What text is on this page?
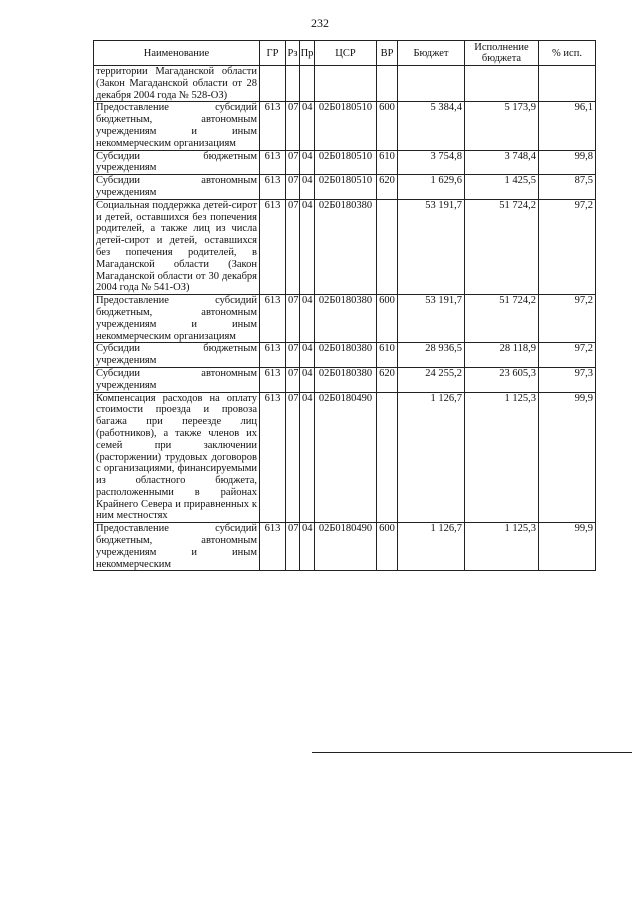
232
Наименование	ГР	Рз	Пр	ЦСР	ВР	Бюджет	Исполнение бюджета	% исп.
территории Магаданской области (Закон Магаданской области от 28 декабря 2004 года № 528-ОЗ)								
Предоставление субсидий бюджетным, автономным учреждениям и иным некоммерческим организациям	613	07	04	02Б0180510	600	5 384,4	5 173,9	96,1
Субсидии бюджетным учреждениям	613	07	04	02Б0180510	610	3 754,8	3 748,4	99,8
Субсидии автономным учреждениям	613	07	04	02Б0180510	620	1 629,6	1 425,5	87,5
Социальная поддержка детей-сирот и детей, оставшихся без попечения родителей, а также лиц из числа детей-сирот и детей, оставшихся без попечения родителей, в Магаданской области (Закон Магаданской области от 30 декабря 2004 года № 541-ОЗ)	613	07	04	02Б0180380		53 191,7	51 724,2	97,2
Предоставление субсидий бюджетным, автономным учреждениям и иным некоммерческим организациям	613	07	04	02Б0180380	600	53 191,7	51 724,2	97,2
Субсидии бюджетным учреждениям	613	07	04	02Б0180380	610	28 936,5	28 118,9	97,2
Субсидии автономным учреждениям	613	07	04	02Б0180380	620	24 255,2	23 605,3	97,3
Компенсация расходов на оплату стоимости проезда и провоза багажа при переезде лиц (работников), а также членов их семей при заключении (расторжении) трудовых договоров с организациями, финансируемыми из областного бюджета, расположенными в районах Крайнего Севера и приравненных к ним местностях	613	07	04	02Б0180490		1 126,7	1 125,3	99,9
Предоставление субсидий бюджетным, автономным учреждениям и иным некоммерческим	613	07	04	02Б0180490	600	1 126,7	1 125,3	99,9
